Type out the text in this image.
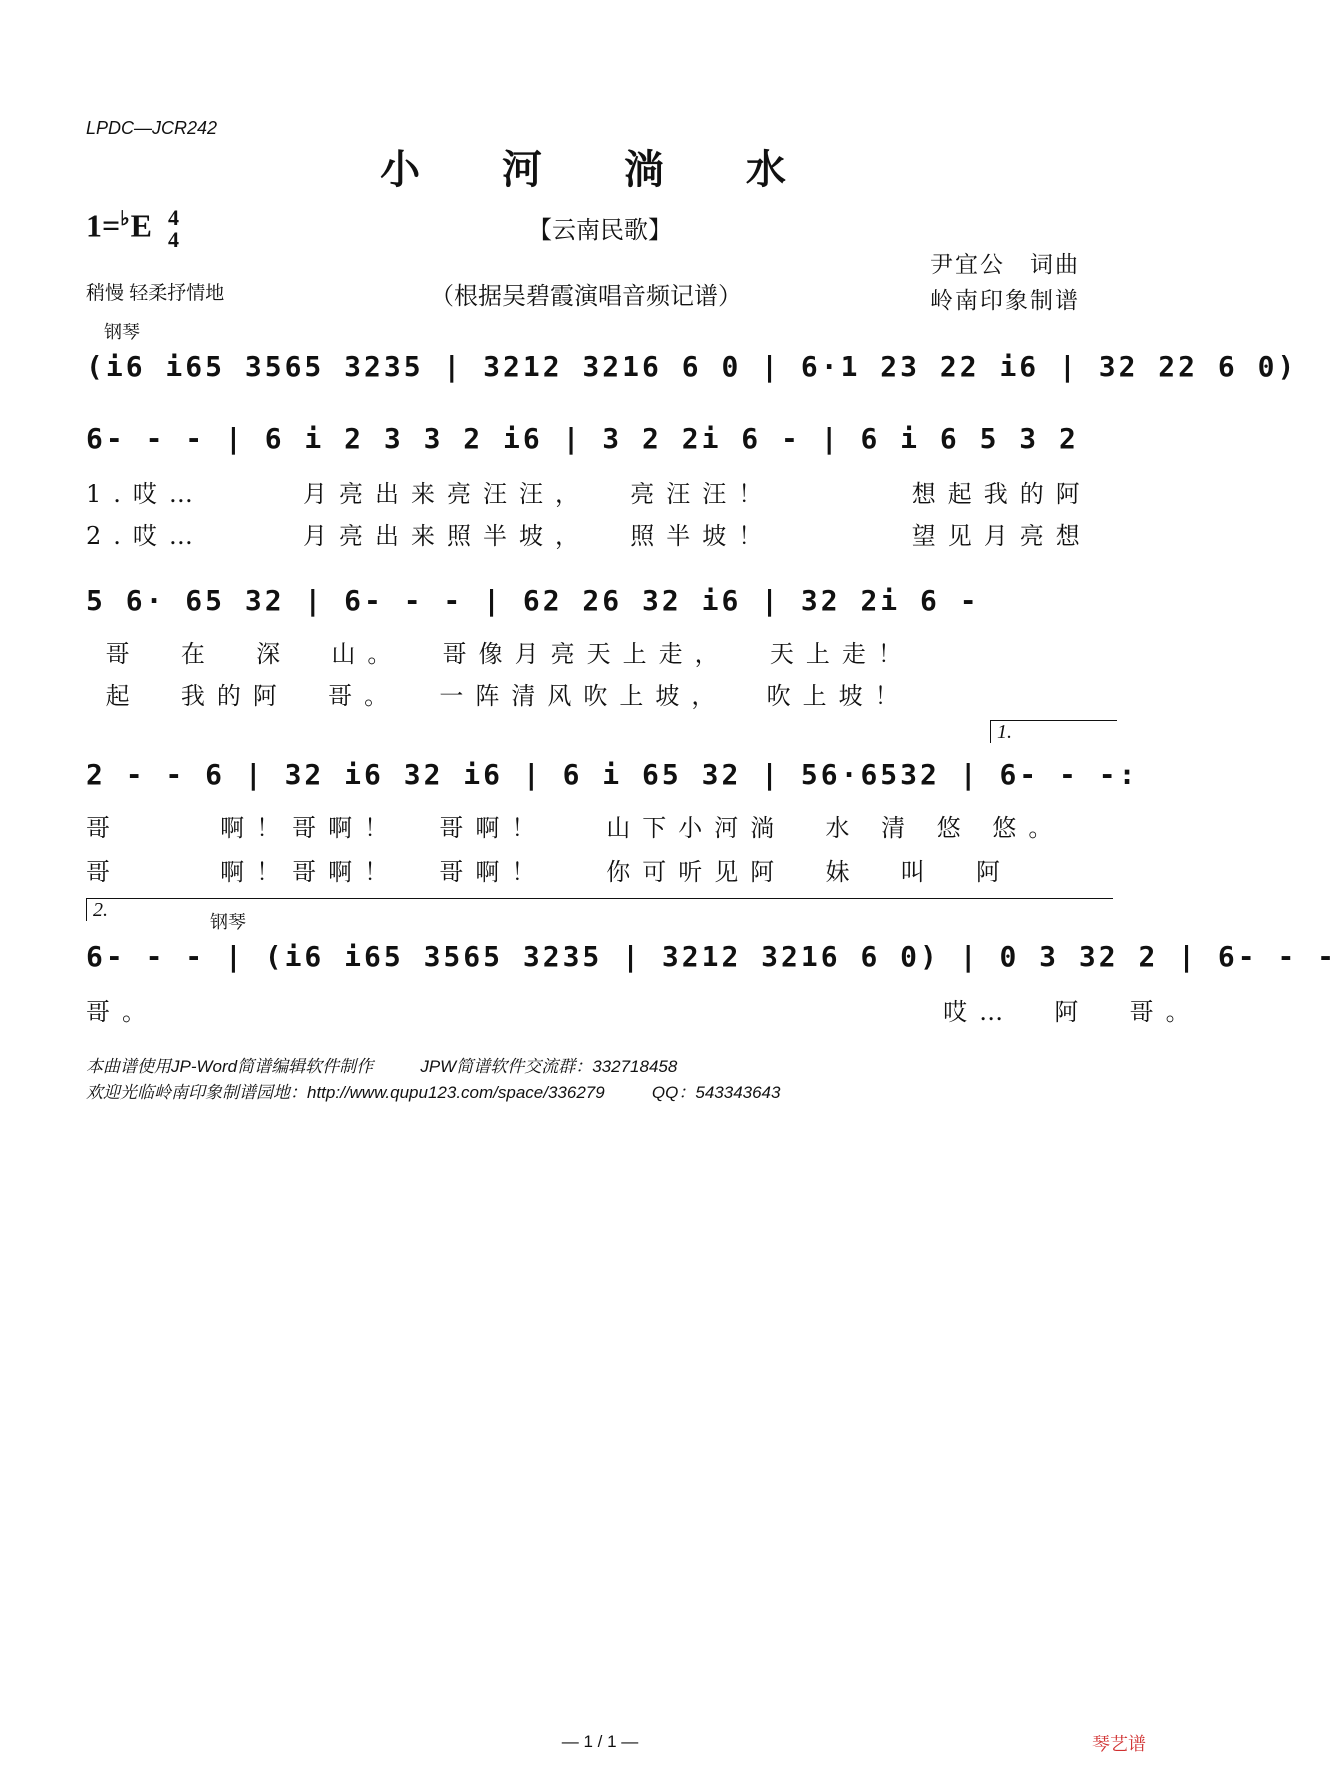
LPDC—JCR242
小 河 淌 水
1=♭E 4
4	【云南民歌】
尹宜公　词曲
岭南印象制谱
稍慢 轻柔抒情地	（根据吴碧霞演唱音频记谱）
钢琴
(i6 i65 3565 3235 | 3212 3216 6 0 | 6·1 23 22 i6 | 32 22 6 0)
6- - - | 6 i 2 3 3 2 i6 | 3 2 2i 6 - | 6 i 6 5 3 2
1.哎…     月亮出来亮汪汪，  亮汪汪！       想起我的阿
2.哎…     月亮出来照半坡，  照半坡！       望见月亮想
5 6· 65 32 | 6- - - | 62 26 32 i6 | 32 2i 6 -
哥  在  深  山。  哥像月亮天上走，  天上走！
起  我的阿  哥。  一阵清风吹上坡，  吹上坡！
1.
2 - - 6 | 32 i6 32 i6 | 6 i 65 32 | 56·6532 | 6- - -:
哥     啊！哥啊！  哥啊！   山下小河淌  水 清 悠 悠。
哥     啊！哥啊！  哥啊！   你可听见阿  妹  叫  阿
2.
钢琴
6- - - | (i6 i65 3565 3235 | 3212 3216 6 0) | 0 3 32 2 | 6- - -
哥。                                        哎…  阿  哥。
本曲谱使用JP-Word简谱编辑软件制作          JPW简谱软件交流群：332718458
欢迎光临岭南印象制谱园地：http://www.qupu123.com/space/336279          QQ：543343643
— 1 / 1 —	琴艺谱
